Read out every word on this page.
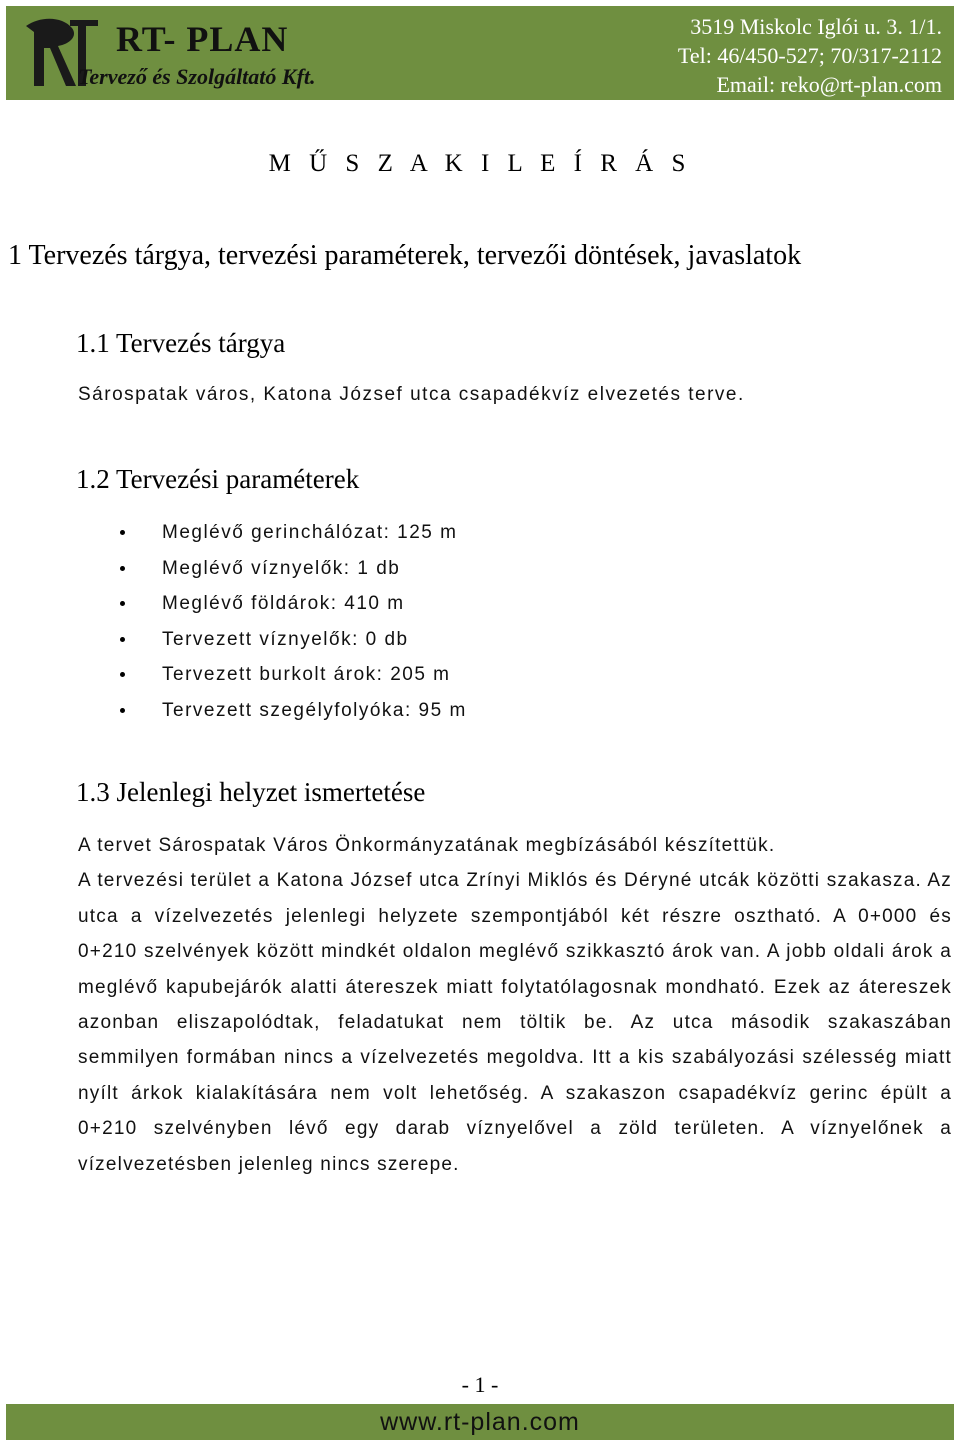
RT- PLAN
Tervező és Szolgáltató Kft.
3519 Miskolc Iglói u. 3. 1/1.
Tel: 46/450-527; 70/317-2112
Email: reko@rt-plan.com
M Ű S Z A K I L E Í R Á S
1 Tervezés tárgya, tervezési paraméterek, tervezői döntések, javaslatok
1.1 Tervezés tárgya
Sárospatak város, Katona József utca csapadékvíz elvezetés terve.
1.2 Tervezési paraméterek
Meglévő gerinchálózat: 125 m
Meglévő víznyelők: 1 db
Meglévő földárok: 410 m
Tervezett víznyelők: 0 db
Tervezett burkolt árok: 205 m
Tervezett szegélyfolyóka: 95 m
1.3 Jelenlegi helyzet ismertetése

A tervet Sárospatak Város Önkormányzatának megbízásából készítettük.
A tervezési terület a Katona József utca Zrínyi Miklós és Déryné utcák közötti szakasza. Az utca a vízelvezetés jelenlegi helyzete szempontjából két részre osztható. A 0+000 és 0+210 szelvények között mindkét oldalon meglévő szikkasztó árok van. A jobb oldali árok a meglévő kapubejárók alatti átereszek miatt folytatólagosnak mondható. Ezek az átereszek azonban eliszapolódtak, feladatukat nem töltik be. Az utca második szakaszában semmilyen formában nincs a vízelvezetés megoldva. Itt a kis szabályozási szélesség miatt nyílt árkok kialakítására nem volt lehetőség. A szakaszon csapadékvíz gerinc épült a 0+210 szelvényben lévő egy darab víznyelővel a zöld területen. A víznyelőnek a vízelvezetésben jelenleg nincs szerepe.

- 1 -
www.rt-plan.com
